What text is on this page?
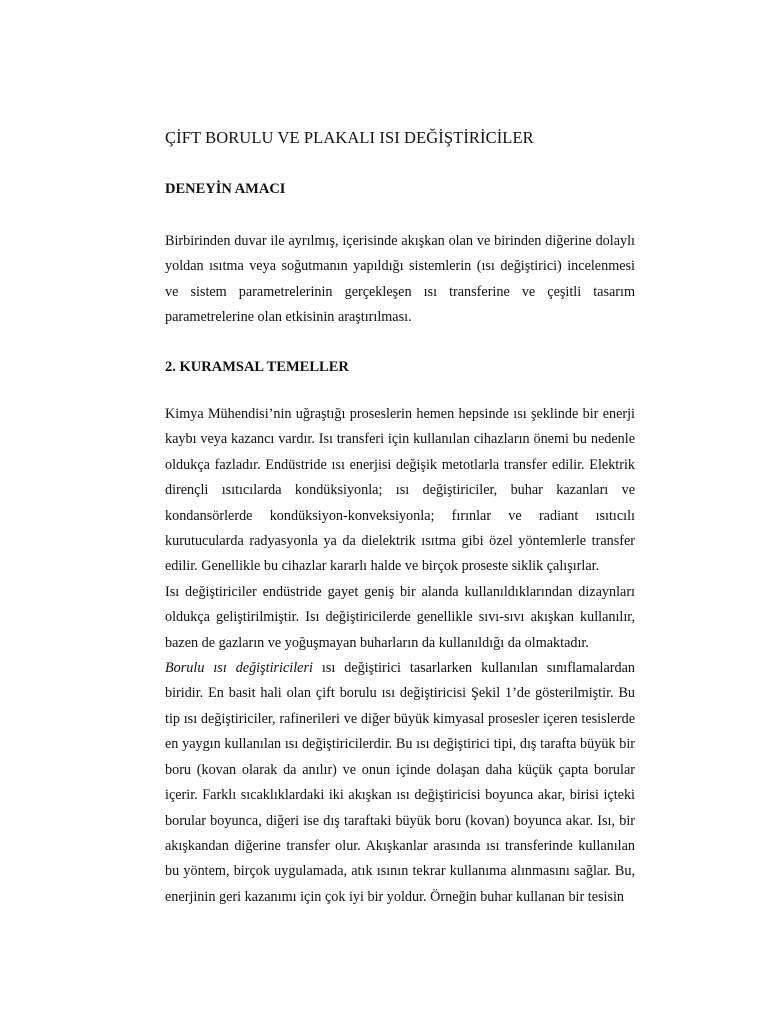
ÇİFT BORULU VE PLAKALI ISI DEĞİŞTİRİCİLER
DENEYİN AMACI

Birbirinden duvar ile ayrılmış, içerisinde akışkan olan ve birinden diğerine dolaylı yoldan ısıtma veya soğutmanın yapıldığı sistemlerin (ısı değiştirici) incelenmesi ve sistem parametrelerinin gerçekleşen ısı transferine ve çeşitli tasarım parametrelerine olan etkisinin araştırılması.

2. KURAMSAL TEMELLER

Kimya Mühendisi’nin uğraştığı proseslerin hemen hepsinde ısı şeklinde bir enerji kaybı veya kazancı vardır. Isı transferi için kullanılan cihazların önemi bu nedenle oldukça fazladır. Endüstride ısı enerjisi değişik metotlarla transfer edilir. Elektrik dirençli ısıtıcılarda kondüksiyonla; ısı değiştiriciler, buhar kazanları ve kondansörlerde kondüksiyon-konveksiyonla; fırınlar ve radiant ısıtıcılı kurutucularda radyasyonla ya da dielektrik ısıtma gibi özel yöntemlerle transfer edilir. Genellikle bu cihazlar kararlı halde ve birçok proseste siklik çalışırlar.

Isı değiştiriciler endüstride gayet geniş bir alanda kullanıldıklarından dizaynları oldukça geliştirilmiştir. Isı değiştiricilerde genellikle sıvı-sıvı akışkan kullanılır, bazen de gazların ve yoğuşmayan buharların da kullanıldığı da olmaktadır.

Borulu ısı değiştiricileri ısı değiştirici tasarlarken kullanılan sınıflamalardan biridir. En basit hali olan çift borulu ısı değiştiricisi Şekil 1’de gösterilmiştir. Bu tip ısı değiştiriciler, rafinerileri ve diğer büyük kimyasal prosesler içeren tesislerde en yaygın kullanılan ısı değiştiricilerdir. Bu ısı değiştirici tipi, dış tarafta büyük bir boru (kovan olarak da anılır) ve onun içinde dolaşan daha küçük çapta borular içerir. Farklı sıcaklıklardaki iki akışkan ısı değiştiricisi boyunca akar, birisi içteki borular boyunca, diğeri ise dış taraftaki büyük boru (kovan) boyunca akar. Isı, bir akışkandan diğerine transfer olur. Akışkanlar arasında ısı transferinde kullanılan bu yöntem, birçok uygulamada, atık ısının tekrar kullanıma alınmasını sağlar. Bu, enerjinin geri kazanımı için çok iyi bir yoldur. Örneğin buhar kullanan bir tesisin
